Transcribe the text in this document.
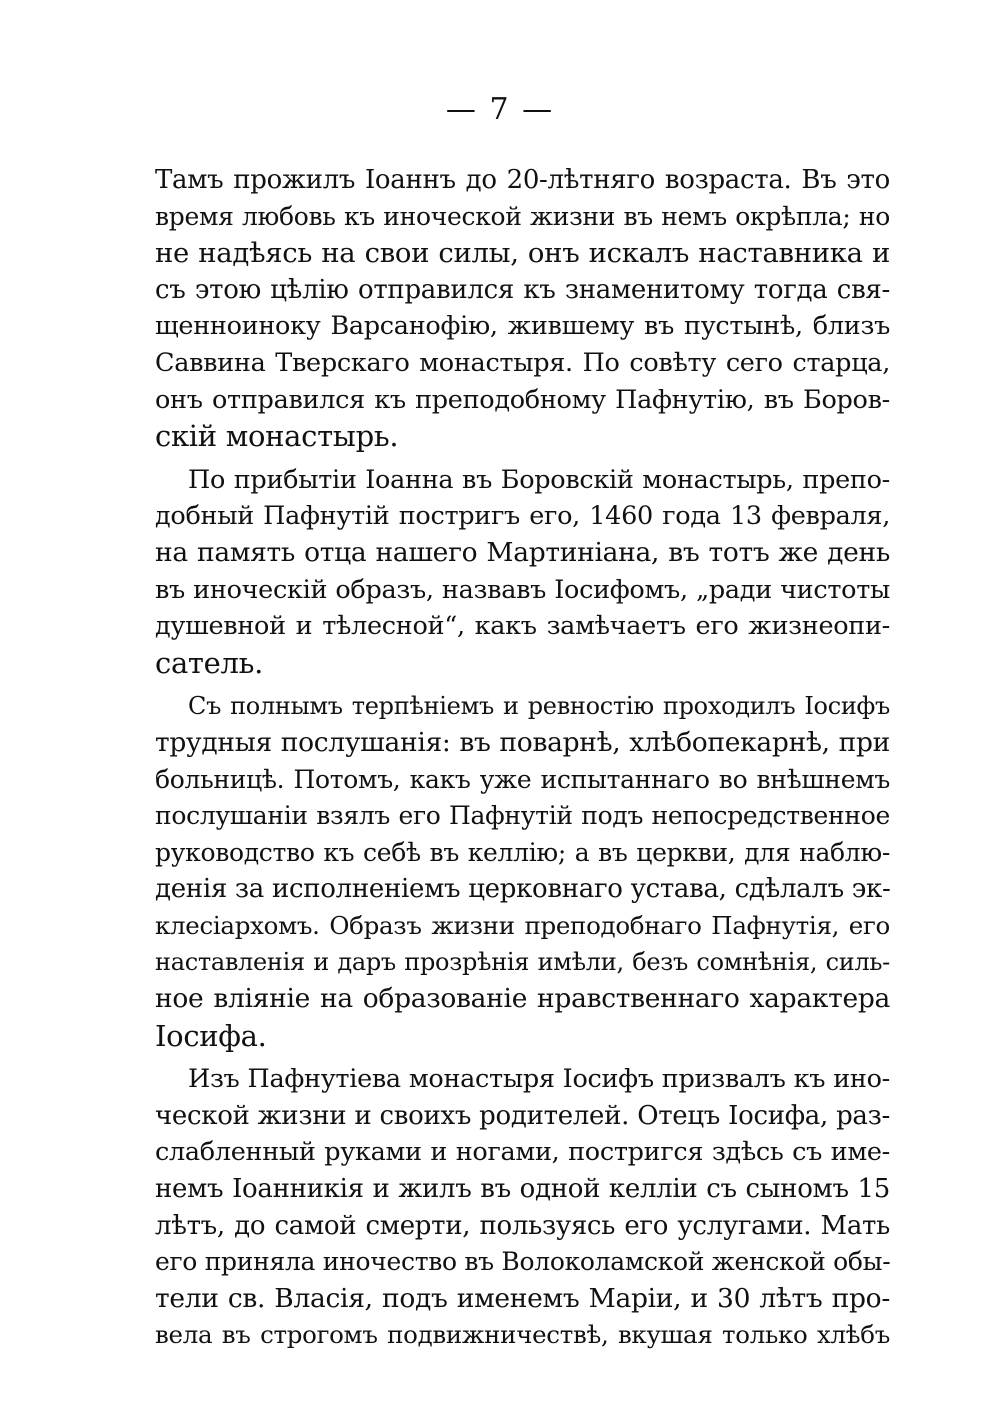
— 7 —
Тамъ прожилъ Іоаннъ до 20-лѣтняго возраста. Въ это
время любовь къ иноческой жизни въ немъ окрѣпла; но
не надѣясь на свои силы, онъ искалъ наставника и
съ этою цѣлію отправился къ знаменитому тогда свя-
щенноиноку Варсанофію, жившему въ пустынѣ, близъ
Саввина Тверскаго монастыря. По совѣту сего старца,
онъ отправился къ преподобному Пафнутію, въ Боров-
скій монастырь.
По прибытіи Іоанна въ Боровскій монастырь, препо-
добный Пафнутій постригъ его, 1460 года 13 февраля,
на память отца нашего Мартиніана, въ тотъ же день
въ иноческій образъ, назвавъ Іосифомъ, „ради чистоты
душевной и тѣлесной“, какъ замѣчаетъ его жизнеопи-
сатель.
Съ полнымъ терпѣніемъ и ревностію проходилъ Іосифъ
трудныя послушанія: въ поварнѣ, хлѣбопекарнѣ, при
больницѣ. Потомъ, какъ уже испытаннаго во внѣшнемъ
послушаніи взялъ его Пафнутій подъ непосредственное
руководство къ себѣ въ келлію; а въ церкви, для наблю-
денія за исполненіемъ церковнаго устава, сдѣлалъ эк-
клесіархомъ. Образъ жизни преподобнаго Пафнутія, его
наставленія и даръ прозрѣнія имѣли, безъ сомнѣнія, силь-
ное вліяніе на образованіе нравственнаго характера
Іосифа.
Изъ Пафнутіева монастыря Іосифъ призвалъ къ ино-
ческой жизни и своихъ родителей. Отецъ Іосифа, раз-
слабленный руками и ногами, постригся здѣсь съ име-
немъ Іоанникія и жилъ въ одной келліи съ сыномъ 15
лѣтъ, до самой смерти, пользуясь его услугами. Мать
его приняла иночество въ Волоколамской женской обы-
тели св. Власія, подъ именемъ Маріи, и 30 лѣтъ про-
вела въ строгомъ подвижничествѣ, вкушая только хлѣбъ
